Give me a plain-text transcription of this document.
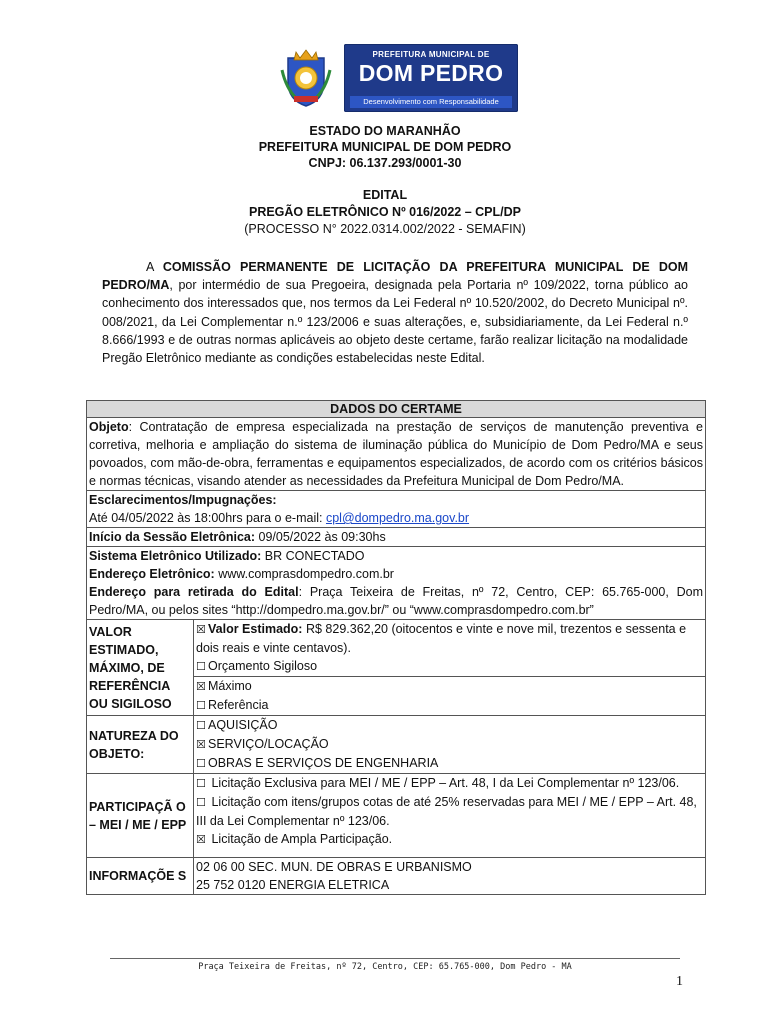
PREFEITURA MUNICIPAL DE
DOM PEDRO
Desenvolvimento com Responsabilidade
ESTADO DO MARANHÃO
PREFEITURA MUNICIPAL DE DOM PEDRO
CNPJ: 06.137.293/0001-30
EDITAL
PREGÃO ELETRÔNICO Nº 016/2022 – CPL/DP
(PROCESSO N° 2022.0314.002/2022 - SEMAFIN)
A COMISSÃO PERMANENTE DE LICITAÇÃO DA PREFEITURA MUNICIPAL DE DOM PEDRO/MA, por intermédio de sua Pregoeira, designada pela Portaria nº 109/2022, torna público ao conhecimento dos interessados que, nos termos da Lei Federal nº 10.520/2002, do Decreto Municipal nº. 008/2021, da Lei Complementar n.º 123/2006 e suas alterações, e, subsidiariamente, da Lei Federal n.º 8.666/1993 e de outras normas aplicáveis ao objeto deste certame, farão realizar licitação na modalidade Pregão Eletrônico mediante as condições estabelecidas neste Edital.
DADOS DO CERTAME	
Objeto: Contratação de empresa especializada na prestação de serviços de manutenção preventiva e corretiva, melhoria e ampliação do sistema de iluminação pública do Município de Dom Pedro/MA e seus povoados, com mão-de-obra, ferramentas e equipamentos especializados, de acordo com os critérios básicos e normas técnicas, visando atender as necessidades da Prefeitura Municipal de Dom Pedro/MA.	
Esclarecimentos/Impugnações:
Até 04/05/2022 às 18:00hrs para o e-mail: cpl@dompedro.ma.gov.br	
Início da Sessão Eletrônica: 09/05/2022 às 09:30hs	
Sistema Eletrônico Utilizado: BR CONECTADO
Endereço Eletrônico: www.comprasdompedro.com.br
Endereço para retirada do Edital: Praça Teixeira de Freitas, nº 72, Centro, CEP: 65.765-000, Dom Pedro/MA, ou pelos sites “http://dompedro.ma.gov.br/” ou “www.comprasdompedro.com.br”	
VALOR ESTIMADO, MÁXIMO, DE REFERÊNCIA OU SIGILOSO	☒ Valor Estimado: R$ 829.362,20 (oitocentos e vinte e nove mil, trezentos e sessenta e dois reais e vinte centavos).
☐ Orçamento Sigiloso
	☒ Máximo
☐ Referência
NATUREZA DO OBJETO:	☐ AQUISIÇÃO
☒ SERVIÇO/LOCAÇÃO
☐ OBRAS E SERVIÇOS DE ENGENHARIA
PARTICIPAÇÃ O – MEI / ME / EPP	☐ Licitação Exclusiva para MEI / ME / EPP – Art. 48, I da Lei Complementar nº 123/06.
☐ Licitação com itens/grupos cotas de até 25% reservadas para MEI / ME / EPP – Art. 48, III da Lei Complementar nº 123/06.
☒ Licitação de Ampla Participação.
INFORMAÇÕE S	02 06 00 SEC. MUN. DE OBRAS E URBANISMO
25 752 0120 ENERGIA ELETRICA
Praça Teixeira de Freitas, nº 72, Centro, CEP: 65.765-000, Dom Pedro - MA
1
